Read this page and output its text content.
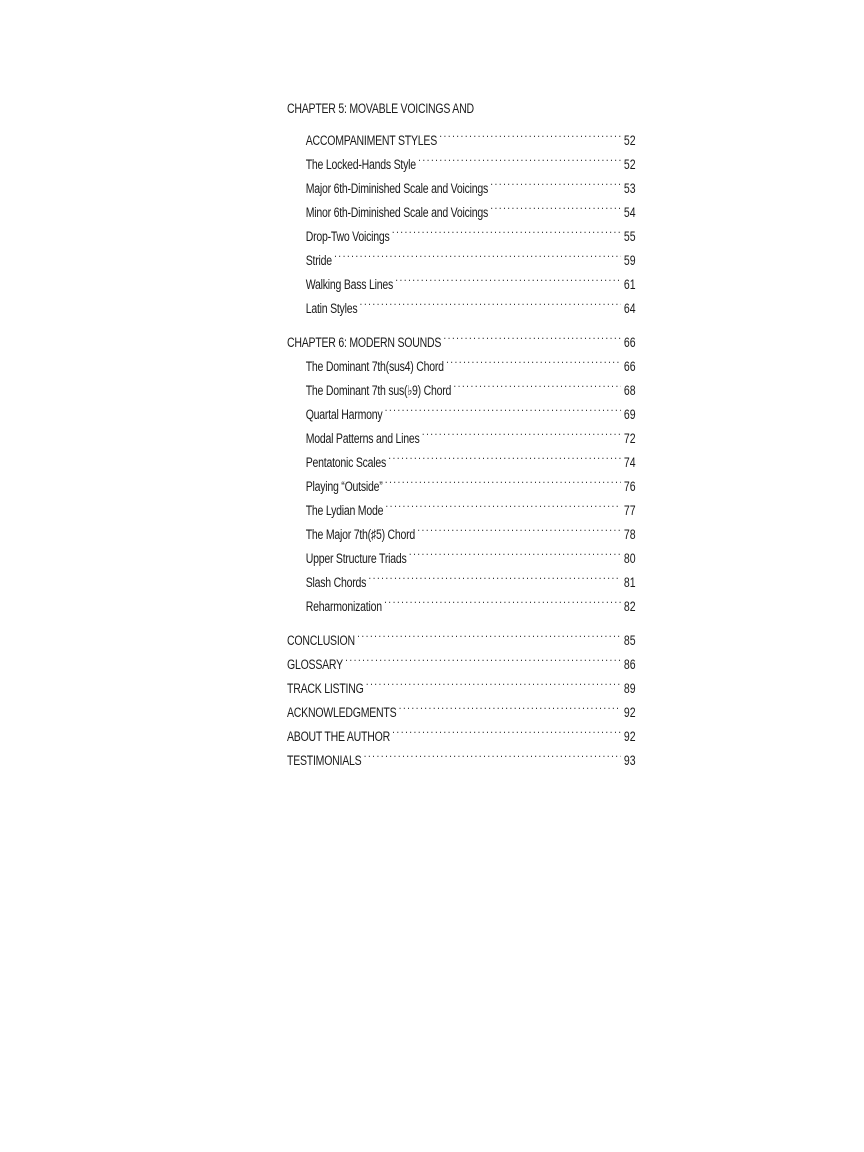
CHAPTER 5: MOVABLE VOICINGS AND
ACCOMPANIMENT STYLES . . .	52
The Locked-Hands Style . . .	52
Major 6th-Diminished Scale and Voicings . . .	53
Minor 6th-Diminished Scale and Voicings . . .	54
Drop-Two Voicings . . .	55
Stride . . .	59
Walking Bass Lines . . .	61
Latin Styles . . .	64
CHAPTER 6: MODERN SOUNDS . . .	66
The Dominant 7th(sus4) Chord . . .	66
The Dominant 7th sus(♭9) Chord . . .	68
Quartal Harmony . . .	69
Modal Patterns and Lines . . .	72
Pentatonic Scales . . .	74
Playing “Outside” . . .	76
The Lydian Mode . . .	77
The Major 7th(♯5) Chord . . .	78
Upper Structure Triads . . .	80
Slash Chords . . .	81
Reharmonization . . .	82
CONCLUSION . . .	85
GLOSSARY . . .	86
TRACK LISTING . . .	89
ACKNOWLEDGMENTS . . .	92
ABOUT THE AUTHOR . . .	92
TESTIMONIALS . . .	93
